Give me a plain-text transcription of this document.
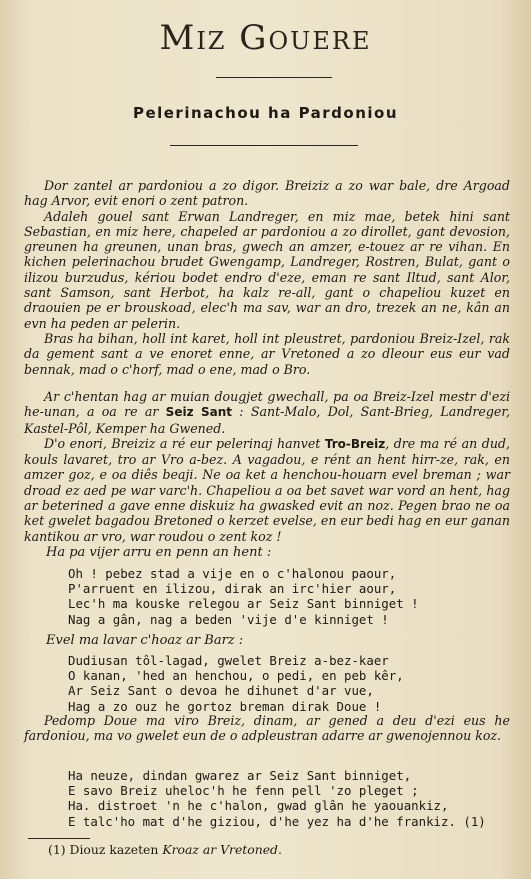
Miz Gouere
Pelerinachou ha Pardoniou

Dor zantel ar pardoniou a zo digor. Breiziz a zo war bale, dre Argoad hag Arvor, evit enori o zent patron.

Adaleh gouel sant Erwan Landreger, en miz mae, betek hini sant Sebastian, en miz here, chapeled ar pardoniou a zo dirollet, gant devosion, greunen ha greunen, unan bras, gwech an amzer, e-touez ar re vihan. En kichen pelerinachou brudet Gwengamp, Landreger, Rostren, Bulat, gant o ilizou burzudus, kériou bodet endro d'eze, eman re sant Iltud, sant Alor, sant Samson, sant Herbot, ha kalz re-all, gant o chapeliou kuzet en draouien pe er brouskoad, elec'h ma sav, war an dro, trezek an ne, kân an evn ha peden ar pelerin.

Bras ha bihan, holl int karet, holl int pleustret, pardoniou Breiz-Izel, rak da gement sant a ve enoret enne, ar Vretoned a zo dleour eus eur vad bennak, mad o c'horf, mad o ene, mad o Bro.

Ar c'hentan hag ar muian dougjet gwechall, pa oa Breiz-Izel mestr d'ezi he-unan, a oa re ar Seiz Sant : Sant-Malo, Dol, Sant-Brieg, Landreger, Kastel-Pôl, Kemper ha Gwened.

D'o enori, Breiziz a ré eur pelerinaj hanvet Tro-Breiz, dre ma ré an dud, kouls lavaret, tro ar Vro a-bez. A vagadou, e rént an hent hirr-ze, rak, en amzer goz, e oa diês beaji. Ne oa ket a henchou-houarn evel breman ; war droad ez aed pe war varc'h. Chapeliou a oa bet savet war vord an hent, hag ar beterined a gave enne diskuiz ha gwasked evit an noz. Pegen brao ne oa ket gwelet bagadou Bretoned o kerzet evelse, en eur bedi hag en eur ganan kantikou ar vro, war roudou o zent koz !

Ha pa vijer arru en penn an hent :
Oh ! pebez stad a vije en o c'halonou paour,
P'arruent en ilizou, dirak an irc'hier aour,
Lec'h ma kouske relegou ar Seiz Sant binniget !
Nag a gân, nag a beden 'vije d'e kinniget !
Evel ma lavar c'hoaz ar Barz :
Dudiusan tôl-lagad, gwelet Breiz a-bez-kaer
O kanan, 'hed an henchou, o pedi, en peb kêr,
Ar Seiz Sant o devoa he dihunet d'ar vue,
Hag a zo ouz he gortoz breman dirak Doue !

Pedomp Doue ma viro Breiz, dinam, ar gened a deu d'ezi eus he fardoniou, ma vo gwelet eun de o adpleustran adarre ar gwenojennou koz.

Ha neuze, dindan gwarez ar Seiz Sant binniget,
E savo Breiz uheloc'h he fenn pell 'zo pleget ;
Ha. distroet 'n he c'halon, gwad glân he yaouankiz,
E talc'ho mat d'he giziou, d'he yez ha d'he frankiz. (1)
(1) Diouz kazeten Kroaz ar Vretoned.
